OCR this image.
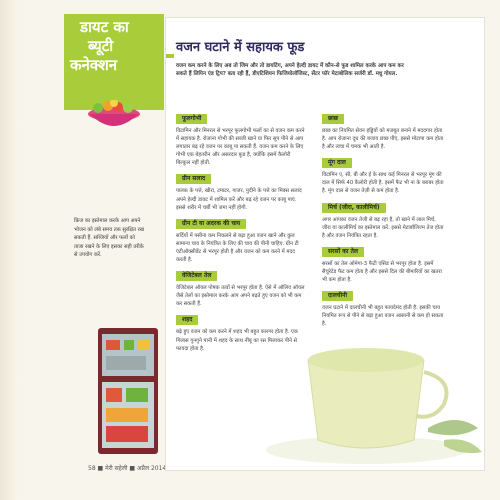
डायट का
ब्यूटी
कनेक्शन
फ्रिज का इस्तेमाल करके आप अपने भोजन को लंबे समय तक सुरक्षित रख सकती हैं. सब्जियों और फलों को ताजा रखने के लिए इसका सही तरीके से उपयोग करें.
58 ■ मेरी सहेली ■ अप्रैल 2014
वजन घटाने में सहायक फूड
वजन कम करने के लिए अब तो जिम और तो डायटिंग, अपने हेल्दी डायट में कौन-से फूड शामिल करके आप कम कर सकते हैं लिपिन एंड ट्रिप? बता रही हैं, डीएटिशियन फिजियोलॉजिस्ट, सेंटर फॉर मेटाबोलिक सर्जरी डॉ. मधु गोयल.
फूलगोभी
विटामिन और मिनरल से भरपूर फूलगोभी फलों का से वजन कम करने में सहायक है. रोजाना गोभी की सब्जी खाने या फिर सूप पीने से आप लगातार बढ़ रहे वजन पर काबू पा सकती हैं. वजन कम करने के लिए गोभी एक बेहतरीन और असरदार फ़ूड है, क्योंकि इसमें कैलोरी बिल्कुल नहीं होती.
ग्रीन सलाद
पालक के पत्ते, खीरा, टमाटर, गाजर, पुदीने के पत्ते का मिक्स सलाद अपने हेल्दी डायट में शामिल करें और बढ़ रहे वजन पर काबू पाएं. इससे शरीर में चर्बी भी जमा नहीं होगी.
ग्रीन टी या अदरक की चाय
सर्दियों में पसीना कम निकलने से बढ़ा हुआ वजन खाने और कुल सामान्य चाय के नियंत्रित के लिए की चाय की पीनी चाहिए. ग्रीन टी एंटीऑक्सीडेंट से भरपूर होती है और वजन को कम करने में मदद करती है.
वेजिटेबल तेल
वेजिटेबल ऑयल पोषक तत्वों से भरपूर होता है. ऐसे में ऑलिव ऑयल जैसे तेलों का इस्तेमाल करके आप अपने बढ़ते हुए वजन को भी कम कर सकती हैं.
शहद
बढ़े हुए वजन को कम करने में शहद भी बहुत कारगर होता है. एक गिलास गुनगुने पानी में शहद के साथ नींबू का रस मिलाकर पीने से फायदा होता है.
छाछ
छाछ का नियमित सेवन हड्डियों को मजबूत बनाने में मददगार होता है. आप रोजाना दूध की बजाय छाछ पीएं, इससे मोटापा कम होता है और त्वचा में चमक भी आती है.
मूंग दाल
विटामिन ए, सी, बी और ई के साथ कई मिनरल से भरपूर मूंग की दाल में सिर्फ 40 कैलोरी होती है. इसमें फैट भी ना के बराबर होता है. मूंग दाल से वजन तेज़ी से कम होता है.
मिर्च (जीरा, कालीमिर्च)
अगर आपका वजन तेजी से बढ़ रहा है, तो खाने में लाल मिर्च, जीरा या कालीमिर्च का इस्तेमाल करें. इससे मेटाबॉलिज्म तेज होता है और वजन नियंत्रित रहता है.
सरसों का तेल
सरसों का तेल ओमेगा-3 फैटी एसिड से भरपूर होता है. इसमें सैचुरेटेड फैट कम होता है और इससे दिल की बीमारियों का खतरा भी कम होता है.
दालचीनी
वजन घटाने में दालचीनी भी बहुत फायदेमंद होती है. इसकी चाय नियमित रूप से पीने से बढ़ा हुआ वजन आसानी से कम हो सकता है.
